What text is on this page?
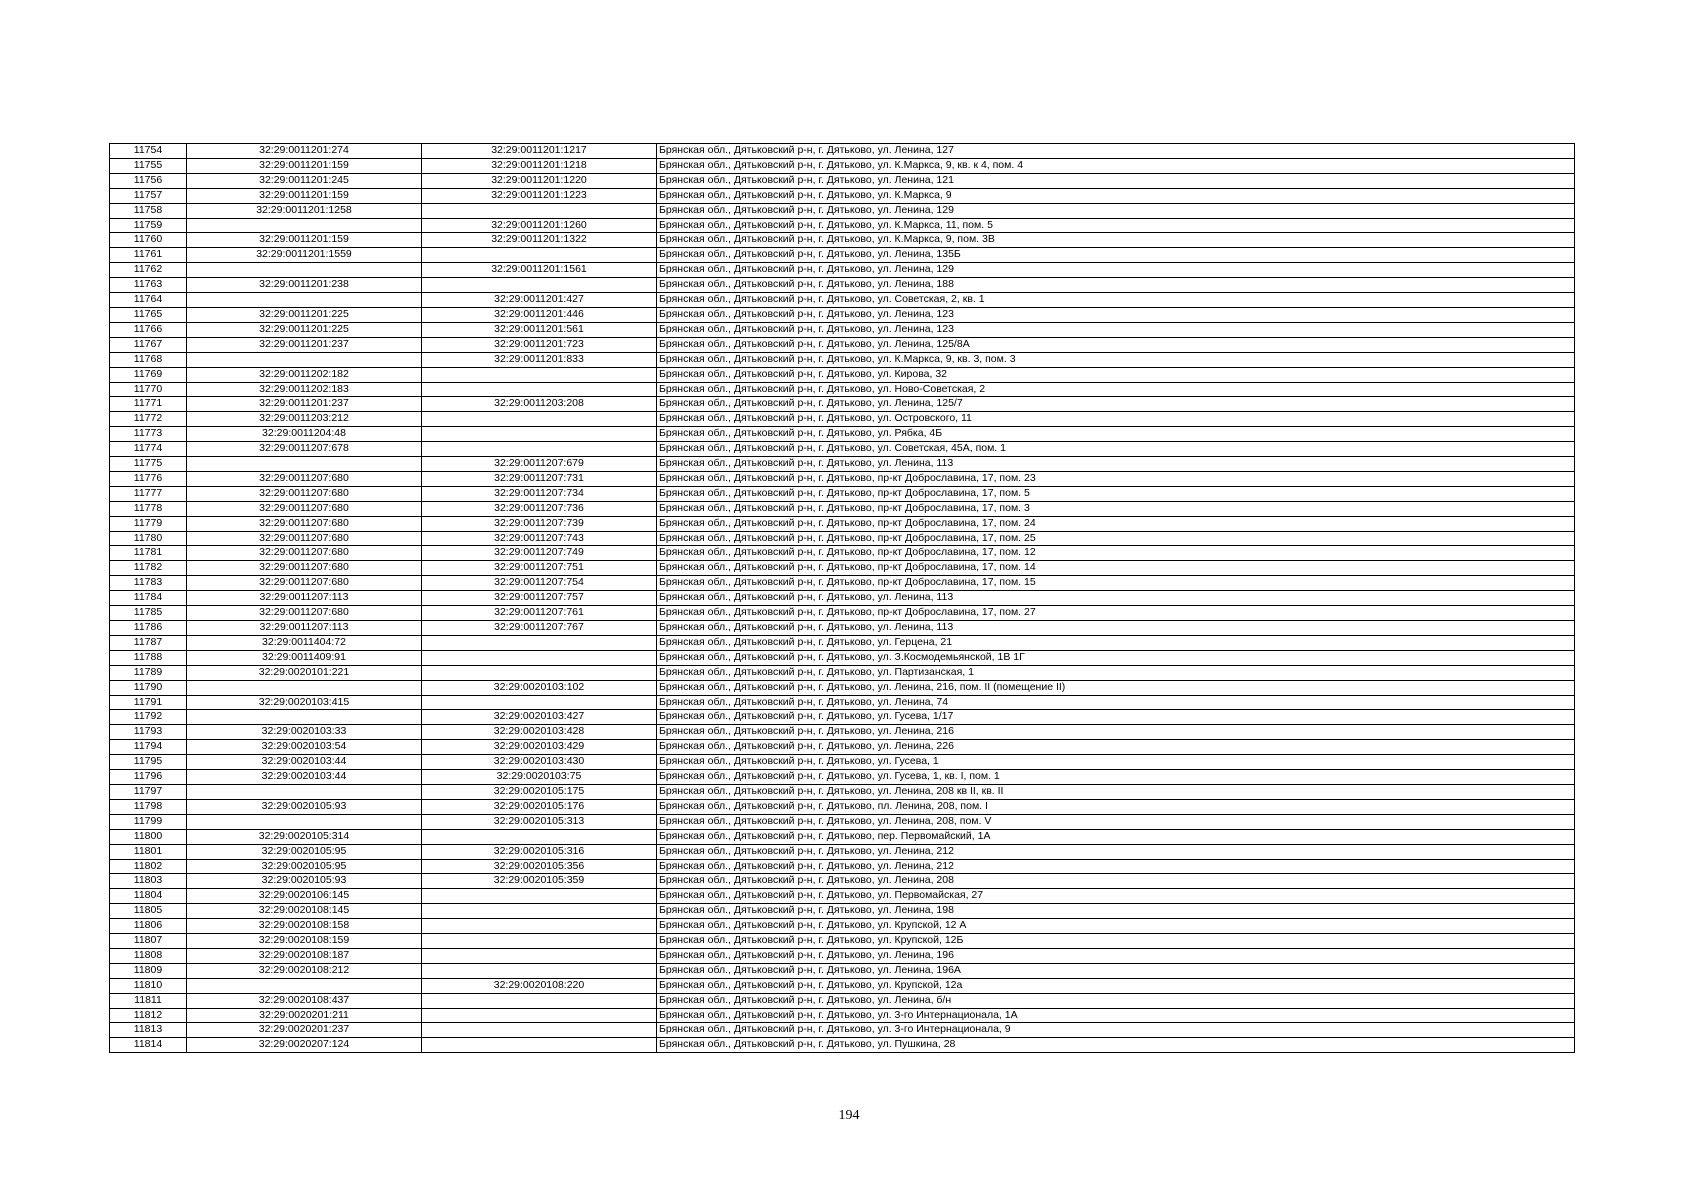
11754	32:29:0011201:274	32:29:0011201:1217	Брянская обл., Дятьковский р-н, г. Дятьково, ул. Ленина, 127
11755	32:29:0011201:159	32:29:0011201:1218	Брянская обл., Дятьковский р-н, г. Дятьково, ул. К.Маркса, 9, кв. к 4, пом. 4
11756	32:29:0011201:245	32:29:0011201:1220	Брянская обл., Дятьковский р-н, г. Дятьково, ул. Ленина, 121
11757	32:29:0011201:159	32:29:0011201:1223	Брянская обл., Дятьковский р-н, г. Дятьково, ул. К.Маркса, 9
11758	32:29:0011201:1258		Брянская обл., Дятьковский р-н, г. Дятьково, ул. Ленина, 129
11759		32:29:0011201:1260	Брянская обл., Дятьковский р-н, г. Дятьково, ул. К.Маркса, 11, пом. 5
11760	32:29:0011201:159	32:29:0011201:1322	Брянская обл., Дятьковский р-н, г. Дятьково, ул. К.Маркса, 9, пом. 3В
11761	32:29:0011201:1559		Брянская обл., Дятьковский р-н, г. Дятьково, ул. Ленина, 135Б
11762		32:29:0011201:1561	Брянская обл., Дятьковский р-н, г. Дятьково, ул. Ленина, 129
11763	32:29:0011201:238		Брянская обл., Дятьковский р-н, г. Дятьково, ул. Ленина, 188
11764		32:29:0011201:427	Брянская обл., Дятьковский р-н, г. Дятьково, ул. Советская, 2, кв. 1
11765	32:29:0011201:225	32:29:0011201:446	Брянская обл., Дятьковский р-н, г. Дятьково, ул. Ленина, 123
11766	32:29:0011201:225	32:29:0011201:561	Брянская обл., Дятьковский р-н, г. Дятьково, ул. Ленина, 123
11767	32:29:0011201:237	32:29:0011201:723	Брянская обл., Дятьковский р-н, г. Дятьково, ул. Ленина, 125/8А
11768		32:29:0011201:833	Брянская обл., Дятьковский р-н, г. Дятьково, ул. К.Маркса, 9, кв. 3, пом. 3
11769	32:29:0011202:182		Брянская обл., Дятьковский р-н, г. Дятьково, ул. Кирова, 32
11770	32:29:0011202:183		Брянская обл., Дятьковский р-н, г. Дятьково, ул. Ново-Советская, 2
11771	32:29:0011201:237	32:29:0011203:208	Брянская обл., Дятьковский р-н, г. Дятьково, ул. Ленина, 125/7
11772	32:29:0011203:212		Брянская обл., Дятьковский р-н, г. Дятьково, ул. Островского, 11
11773	32:29:0011204:48		Брянская обл., Дятьковский р-н, г. Дятьково, ул. Рябка, 4Б
11774	32:29:0011207:678		Брянская обл., Дятьковский р-н, г. Дятьково, ул. Советская, 45А, пом. 1
11775		32:29:0011207:679	Брянская обл., Дятьковский р-н, г. Дятьково, ул. Ленина, 113
11776	32:29:0011207:680	32:29:0011207:731	Брянская обл., Дятьковский р-н, г. Дятьково, пр-кт Доброславина, 17, пом. 23
11777	32:29:0011207:680	32:29:0011207:734	Брянская обл., Дятьковский р-н, г. Дятьково, пр-кт Доброславина, 17, пом. 5
11778	32:29:0011207:680	32:29:0011207:736	Брянская обл., Дятьковский р-н, г. Дятьково, пр-кт Доброславина, 17, пом. 3
11779	32:29:0011207:680	32:29:0011207:739	Брянская обл., Дятьковский р-н, г. Дятьково, пр-кт Доброславина, 17, пом. 24
11780	32:29:0011207:680	32:29:0011207:743	Брянская обл., Дятьковский р-н, г. Дятьково, пр-кт Доброславина, 17, пом. 25
11781	32:29:0011207:680	32:29:0011207:749	Брянская обл., Дятьковский р-н, г. Дятьково, пр-кт Доброславина, 17, пом. 12
11782	32:29:0011207:680	32:29:0011207:751	Брянская обл., Дятьковский р-н, г. Дятьково, пр-кт Доброславина, 17, пом. 14
11783	32:29:0011207:680	32:29:0011207:754	Брянская обл., Дятьковский р-н, г. Дятьково, пр-кт Доброславина, 17, пом. 15
11784	32:29:0011207:113	32:29:0011207:757	Брянская обл., Дятьковский р-н, г. Дятьково, ул. Ленина, 113
11785	32:29:0011207:680	32:29:0011207:761	Брянская обл., Дятьковский р-н, г. Дятьково, пр-кт Доброславина, 17, пом. 27
11786	32:29:0011207:113	32:29:0011207:767	Брянская обл., Дятьковский р-н, г. Дятьково, ул. Ленина, 113
11787	32:29:0011404:72		Брянская обл., Дятьковский р-н, г. Дятьково, ул. Герцена, 21
11788	32:29:0011409:91		Брянская обл., Дятьковский р-н, г. Дятьково, ул. З.Космодемьянской, 1В 1Г
11789	32:29:0020101:221		Брянская обл., Дятьковский р-н, г. Дятьково, ул. Партизанская, 1
11790		32:29:0020103:102	Брянская обл., Дятьковский р-н, г. Дятьково, ул. Ленина, 216, пом. II (помещение II)
11791	32:29:0020103:415		Брянская обл., Дятьковский р-н, г. Дятьково, ул. Ленина, 74
11792		32:29:0020103:427	Брянская обл., Дятьковский р-н, г. Дятьково, ул. Гусева, 1/17
11793	32:29:0020103:33	32:29:0020103:428	Брянская обл., Дятьковский р-н, г. Дятьково, ул. Ленина, 216
11794	32:29:0020103:54	32:29:0020103:429	Брянская обл., Дятьковский р-н, г. Дятьково, ул. Ленина, 226
11795	32:29:0020103:44	32:29:0020103:430	Брянская обл., Дятьковский р-н, г. Дятьково, ул. Гусева, 1
11796	32:29:0020103:44	32:29:0020103:75	Брянская обл., Дятьковский р-н, г. Дятьково, ул. Гусева, 1, кв. I, пом. 1
11797		32:29:0020105:175	Брянская обл., Дятьковский р-н, г. Дятьково, ул. Ленина, 208 кв II, кв. II
11798	32:29:0020105:93	32:29:0020105:176	Брянская обл., Дятьковский р-н, г. Дятьково, пл. Ленина, 208, пом. I
11799		32:29:0020105:313	Брянская обл., Дятьковский р-н, г. Дятьково, ул. Ленина, 208, пом. V
11800	32:29:0020105:314		Брянская обл., Дятьковский р-н, г. Дятьково, пер. Первомайский, 1А
11801	32:29:0020105:95	32:29:0020105:316	Брянская обл., Дятьковский р-н, г. Дятьково, ул. Ленина, 212
11802	32:29:0020105:95	32:29:0020105:356	Брянская обл., Дятьковский р-н, г. Дятьково, ул. Ленина, 212
11803	32:29:0020105:93	32:29:0020105:359	Брянская обл., Дятьковский р-н, г. Дятьково, ул. Ленина, 208
11804	32:29:0020106:145		Брянская обл., Дятьковский р-н, г. Дятьково, ул. Первомайская, 27
11805	32:29:0020108:145		Брянская обл., Дятьковский р-н, г. Дятьково, ул. Ленина, 198
11806	32:29:0020108:158		Брянская обл., Дятьковский р-н, г. Дятьково, ул. Крупской, 12 А
11807	32:29:0020108:159		Брянская обл., Дятьковский р-н, г. Дятьково, ул. Крупской, 12Б
11808	32:29:0020108:187		Брянская обл., Дятьковский р-н, г. Дятьково, ул. Ленина, 196
11809	32:29:0020108:212		Брянская обл., Дятьковский р-н, г. Дятьково, ул. Ленина, 196А
11810		32:29:0020108:220	Брянская обл., Дятьковский р-н, г. Дятьково, ул. Крупской, 12а
11811	32:29:0020108:437		Брянская обл., Дятьковский р-н, г. Дятьково, ул. Ленина, б/н
11812	32:29:0020201:211		Брянская обл., Дятьковский р-н, г. Дятьково, ул. 3-го Интернационала, 1А
11813	32:29:0020201:237		Брянская обл., Дятьковский р-н, г. Дятьково, ул. 3-го Интернационала, 9
11814	32:29:0020207:124		Брянская обл., Дятьковский р-н, г. Дятьково, ул. Пушкина, 28
194
